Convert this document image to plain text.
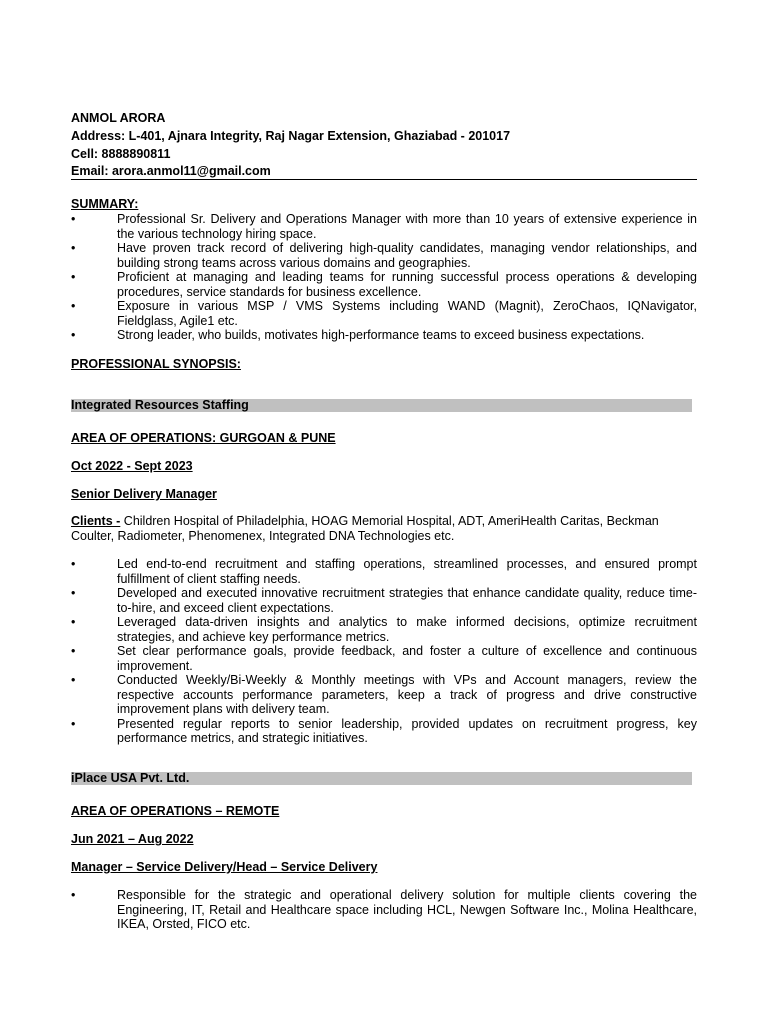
ANMOL ARORA
Address: L-401, Ajnara Integrity, Raj Nagar Extension, Ghaziabad - 201017
Cell: 8888890811
Email: arora.anmol11@gmail.com
SUMMARY:
•	Professional Sr. Delivery and Operations Manager with more than 10 years of extensive experience in the various technology hiring space.
•	Have proven track record of delivering high-quality candidates, managing vendor relationships, and building strong teams across various domains and geographies.
•	Proficient at managing and leading teams for running successful process operations & developing procedures, service standards for business excellence.
•	Exposure in various MSP / VMS Systems including WAND (Magnit), ZeroChaos, IQNavigator, Fieldglass, Agile1 etc.
•	Strong leader, who builds, motivates high-performance teams to exceed business expectations.
PROFESSIONAL SYNOPSIS:
Integrated Resources Staffing
AREA OF OPERATIONS: GURGOAN & PUNE
Oct 2022 - Sept 2023
Senior Delivery Manager
Clients - Children Hospital of Philadelphia, HOAG Memorial Hospital, ADT, AmeriHealth Caritas, Beckman Coulter, Radiometer, Phenomenex, Integrated DNA Technologies etc.
•	Led end-to-end recruitment and staffing operations, streamlined processes, and ensured prompt fulfillment of client staffing needs.
•	Developed and executed innovative recruitment strategies that enhance candidate quality, reduce time-to-hire, and exceed client expectations.
•	Leveraged data-driven insights and analytics to make informed decisions, optimize recruitment strategies, and achieve key performance metrics.
•	Set clear performance goals, provide feedback, and foster a culture of excellence and continuous improvement.
•	Conducted Weekly/Bi-Weekly & Monthly meetings with VPs and Account managers, review the respective accounts performance parameters, keep a track of progress and drive constructive improvement plans with delivery team.
•	Presented regular reports to senior leadership, provided updates on recruitment progress, key performance metrics, and strategic initiatives.
iPlace USA Pvt. Ltd.
AREA OF OPERATIONS – REMOTE
Jun 2021 – Aug 2022
Manager – Service Delivery/Head – Service Delivery
•	Responsible for the strategic and operational delivery solution for multiple clients covering the Engineering, IT, Retail and Healthcare space including HCL, Newgen Software Inc., Molina Healthcare, IKEA, Orsted, FICO etc.
